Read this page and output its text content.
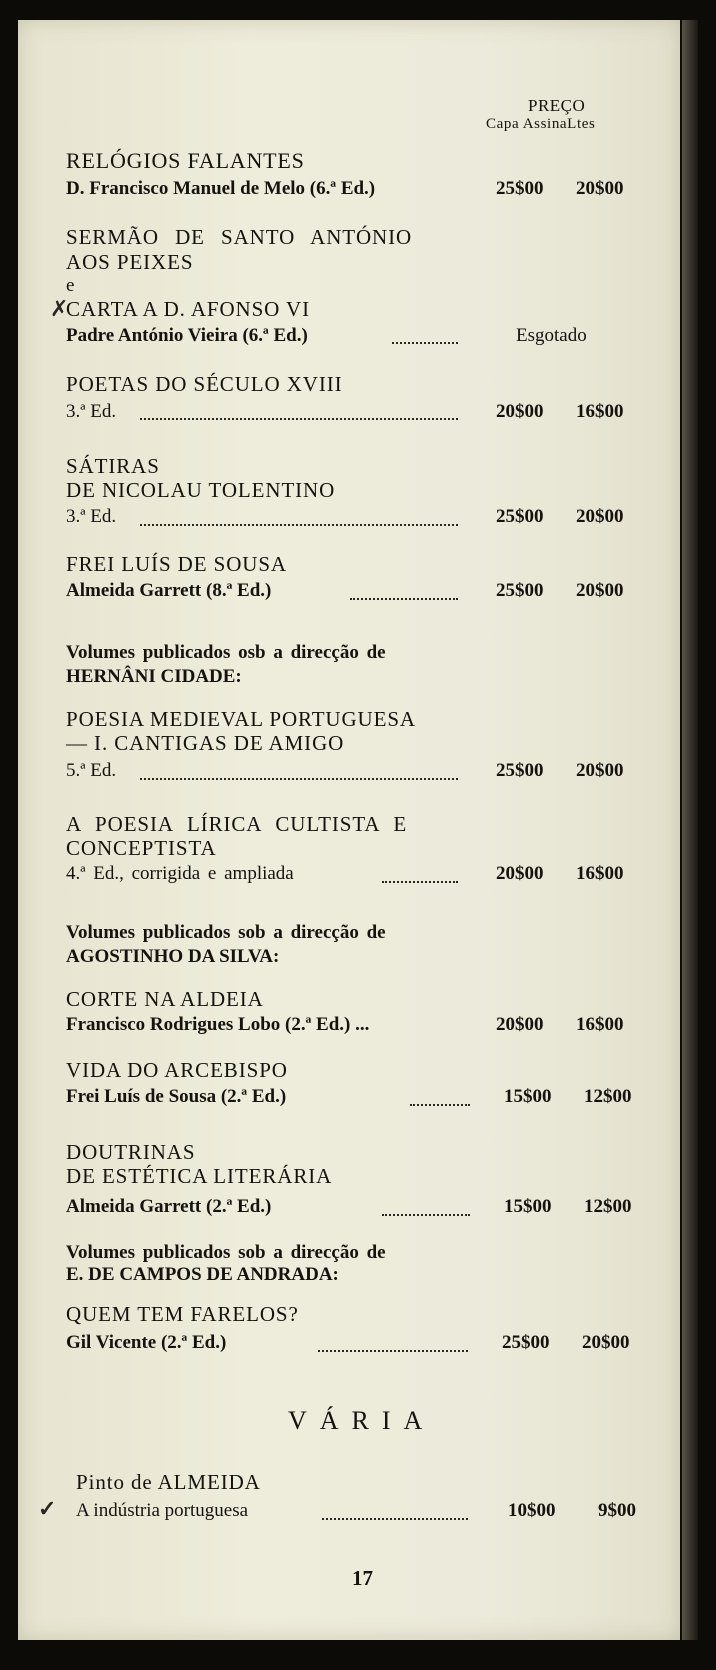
PREÇO
Capa AssinaLtes
RELÓGIOS FALANTES
D. Francisco Manuel de Melo (6.ª Ed.)	25$00 20$00
SERMÃO DE SANTO ANTÓNIO
AOS PEIXES
e
✗
CARTA A D. AFONSO VI
Padre António Vieira (6.ª Ed.)	Esgotado
POETAS DO SÉCULO XVIII
3.ª Ed.	20$00 16$00
SÁTIRAS
DE NICOLAU TOLENTINO
3.ª Ed.	25$00 20$00
FREI LUÍS DE SOUSA
Almeida Garrett (8.ª Ed.)	25$00 20$00
Volumes publicados osb a direcção de
HERNÂNI CIDADE:
POESIA MEDIEVAL PORTUGUESA
— I. CANTIGAS DE AMIGO
5.ª Ed.	25$00 20$00
A POESIA LÍRICA CULTISTA E
CONCEPTISTA
4.ª Ed., corrigida e ampliada	20$00 16$00
Volumes publicados sob a direcção de
AGOSTINHO DA SILVA:
CORTE NA ALDEIA
Francisco Rodrigues Lobo (2.ª Ed.) ...	20$00 16$00
VIDA DO ARCEBISPO
Frei Luís de Sousa (2.ª Ed.)	15$00 12$00
DOUTRINAS
DE ESTÉTICA LITERÁRIA
Almeida Garrett (2.ª Ed.)	15$00 12$00
Volumes publicados sob a direcção de
E. DE CAMPOS DE ANDRADA:
QUEM TEM FARELOS?
Gil Vicente (2.ª Ed.)	25$00 20$00
VÁRIA
Pinto de ALMEIDA
✓ A indústria portuguesa	10$00 9$00
17
